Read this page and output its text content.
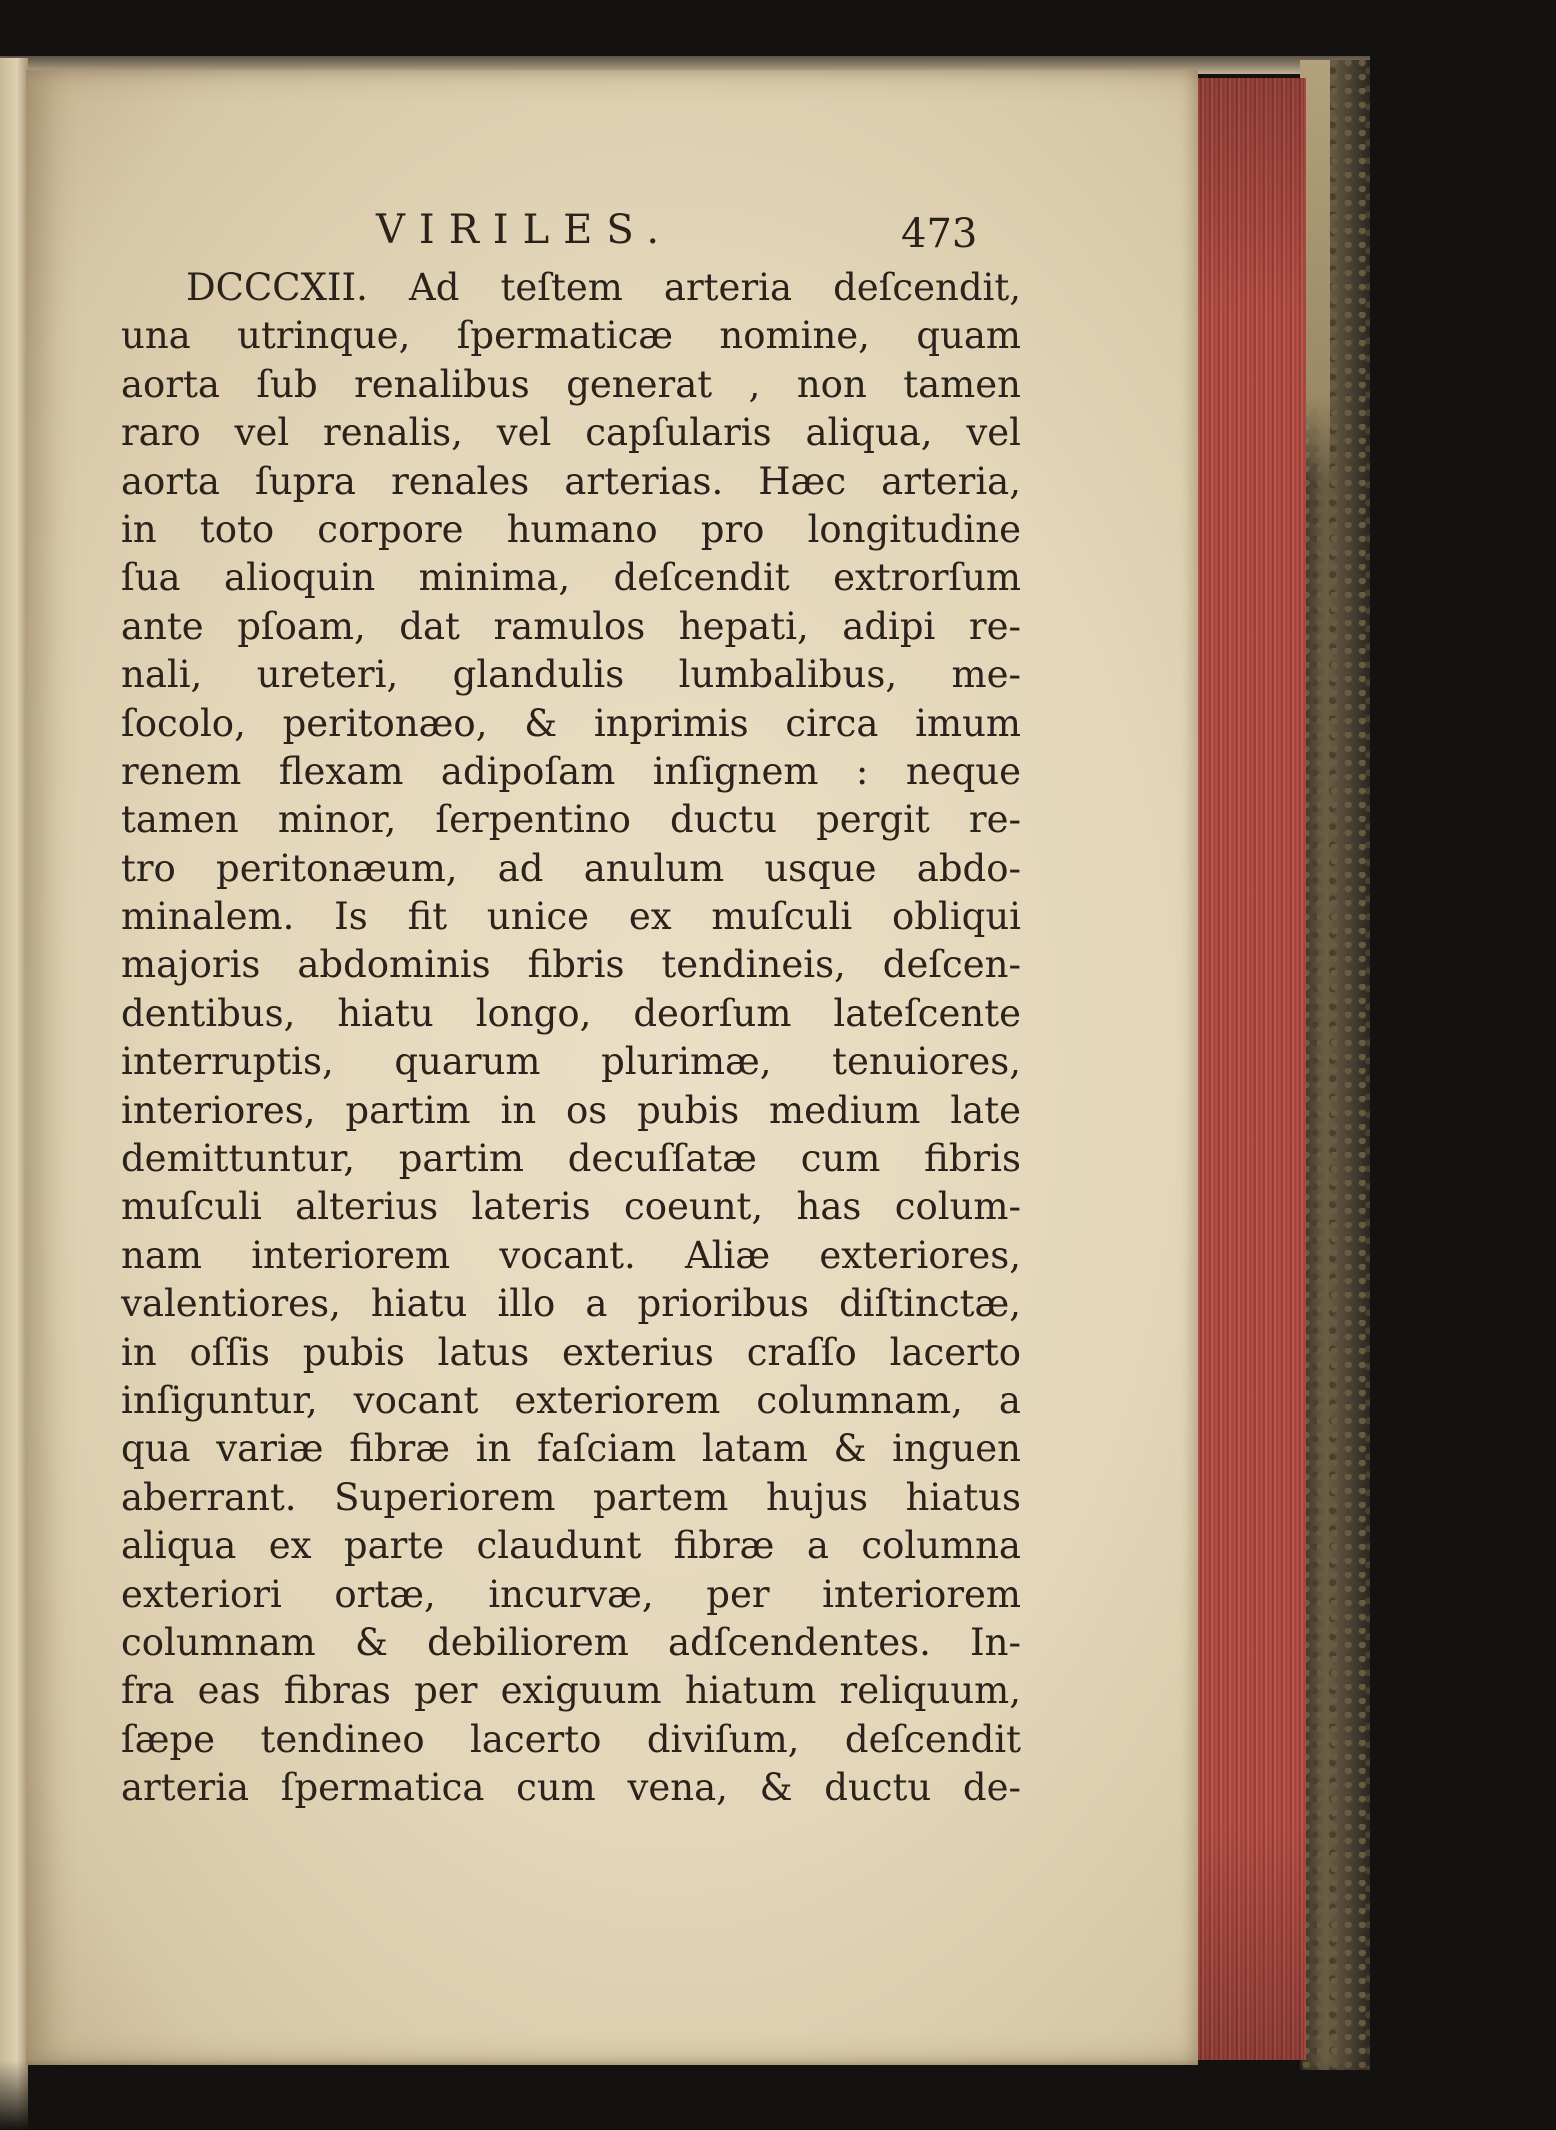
VIRILES.	473
DCCCXII. Ad teſtem arteria deſcendit,
una utrinque, ſpermaticæ nomine, quam
aorta ſub renalibus generat , non tamen
raro vel renalis, vel capſularis aliqua, vel
aorta ſupra renales arterias. Hæc arteria,
in toto corpore humano pro longitudine
ſua alioquin minima, deſcendit extrorſum
ante pſoam, dat ramulos hepati, adipi re-
nali, ureteri, glandulis lumbalibus, me-
ſocolo, peritonæo, & inprimis circa imum
renem flexam adipoſam inſignem : neque
tamen minor, ſerpentino ductu pergit re-
tro peritonæum, ad anulum usque abdo-
minalem. Is fit unice ex muſculi obliqui
majoris abdominis fibris tendineis, deſcen-
dentibus, hiatu longo, deorſum lateſcente
interruptis, quarum plurimæ, tenuiores,
interiores, partim in os pubis medium late
demittuntur, partim decuſſatæ cum fibris
muſculi alterius lateris coeunt, has colum-
nam interiorem vocant. Aliæ exteriores,
valentiores, hiatu illo a prioribus diſtinctæ,
in oſſis pubis latus exterius craſſo lacerto
inſiguntur, vocant exteriorem columnam, a
qua variæ fibræ in faſciam latam & inguen
aberrant. Superiorem partem hujus hiatus
aliqua ex parte claudunt fibræ a columna
exteriori ortæ, incurvæ, per interiorem
columnam & debiliorem adſcendentes. In-
fra eas fibras per exiguum hiatum reliquum,
ſæpe tendineo lacerto diviſum, deſcendit
arteria ſpermatica cum vena, & ductu de-
